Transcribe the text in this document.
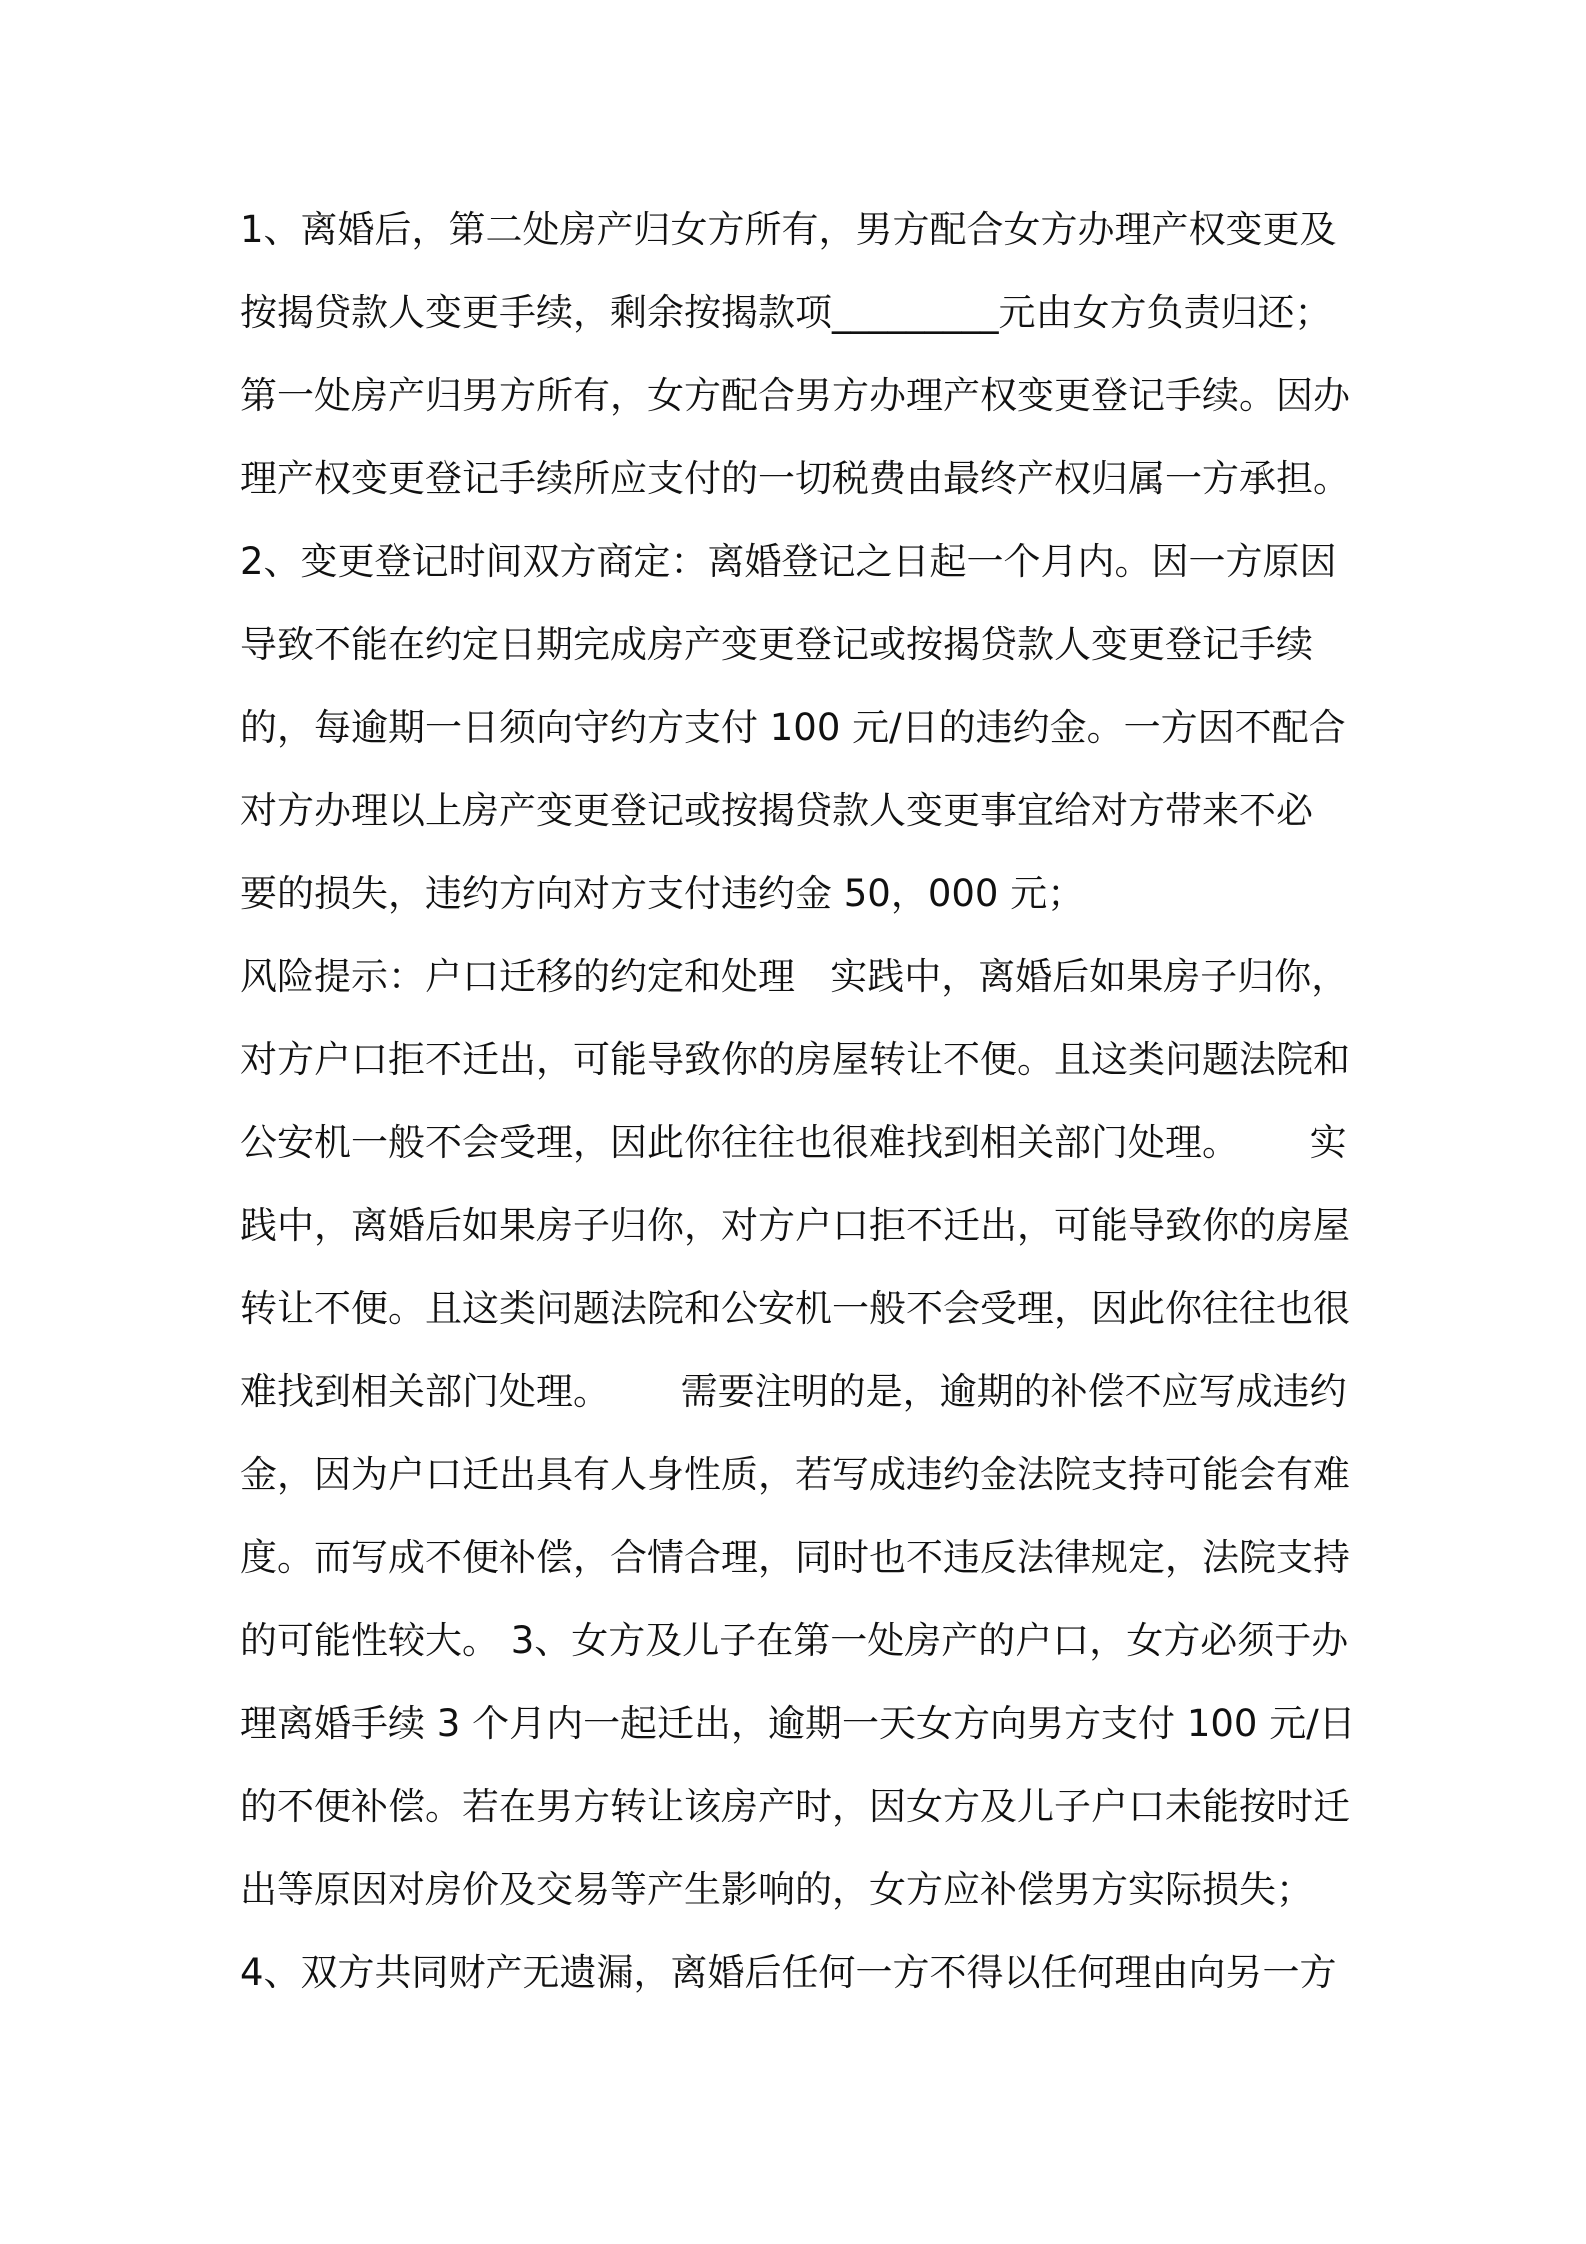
1、离婚后，第二处房产归女方所有，男方配合女方办理产权变更及
按揭贷款人变更手续，剩余按揭款项_________元由女方负责归还；
第一处房产归男方所有，女方配合男方办理产权变更登记手续。因办
理产权变更登记手续所应支付的一切税费由最终产权归属一方承担。
2、变更登记时间双方商定：离婚登记之日起一个月内。因一方原因
导致不能在约定日期完成房产变更登记或按揭贷款人变更登记手续
的，每逾期一日须向守约方支付 100 元/日的违约金。一方因不配合
对方办理以上房产变更登记或按揭贷款人变更事宜给对方带来不必
要的损失，违约方向对方支付违约金 50，000 元；
风险提示：户口迁移的约定和处理   实践中，离婚后如果房子归你，
对方户口拒不迁出，可能导致你的房屋转让不便。且这类问题法院和
公安机一般不会受理，因此你往往也很难找到相关部门处理。      实
践中，离婚后如果房子归你，对方户口拒不迁出，可能导致你的房屋
转让不便。且这类问题法院和公安机一般不会受理，因此你往往也很
难找到相关部门处理。      需要注明的是，逾期的补偿不应写成违约
金，因为户口迁出具有人身性质，若写成违约金法院支持可能会有难
度。而写成不便补偿，合情合理，同时也不违反法律规定，法院支持
的可能性较大。 3、女方及儿子在第一处房产的户口，女方必须于办
理离婚手续 3 个月内一起迁出，逾期一天女方向男方支付 100 元/日
的不便补偿。若在男方转让该房产时，因女方及儿子户口未能按时迁
出等原因对房价及交易等产生影响的，女方应补偿男方实际损失；
4、双方共同财产无遗漏，离婚后任何一方不得以任何理由向另一方
